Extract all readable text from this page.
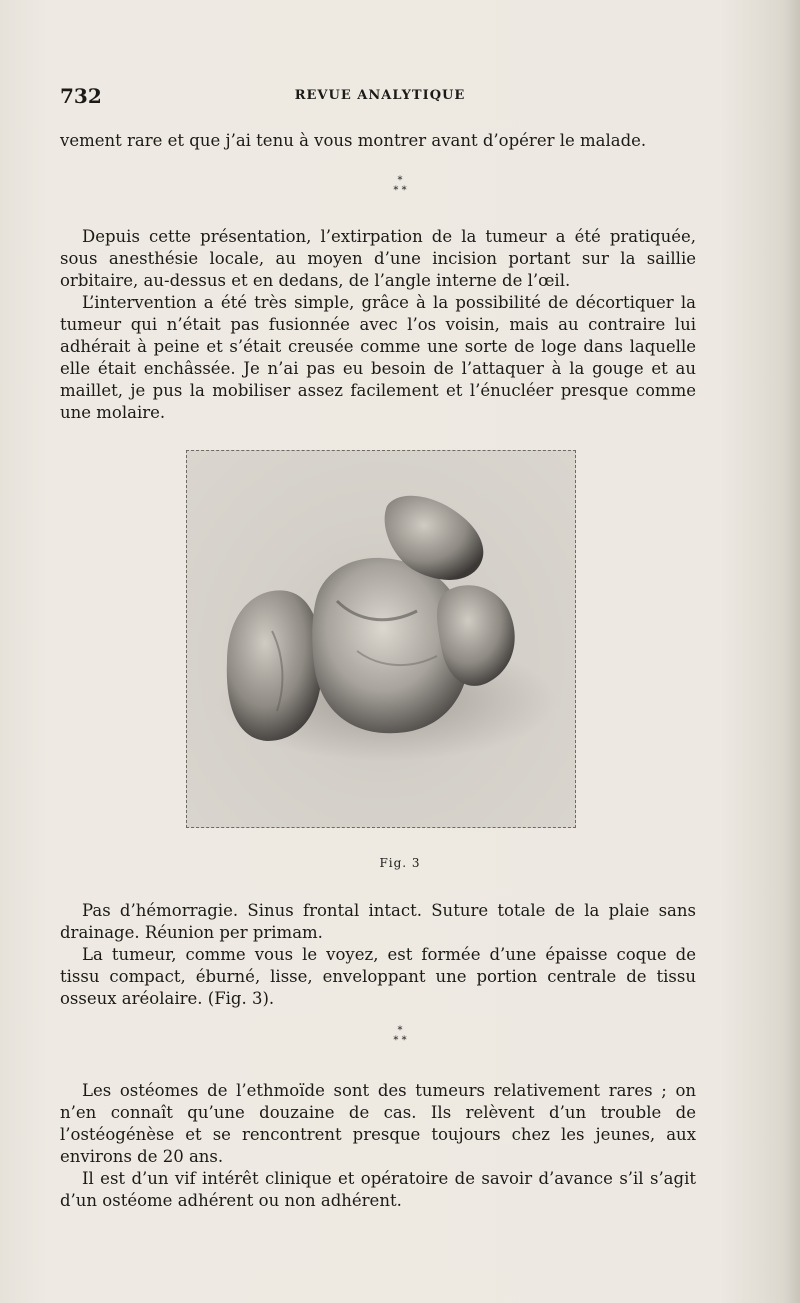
732	REVUE ANALYTIQUE

vement rare et que j’ai tenu à vous montrer avant d’opérer le malade.

*
* *

Depuis cette présentation, l’extirpation de la tumeur a été pratiquée, sous anesthésie locale, au moyen d’une incision portant sur la saillie orbitaire, au-dessus et en dedans, de l’angle interne de l’œil.

L’intervention a été très simple, grâce à la possibilité de décortiquer la tumeur qui n’était pas fusionnée avec l’os voisin, mais au contraire lui adhérait à peine et s’était creusée comme une sorte de loge dans laquelle elle était enchâssée. Je n’ai pas eu besoin de l’attaquer à la gouge et au maillet, je pus la mobiliser assez facilement et l’énucléer presque comme une molaire.

Fig. 3

Pas d’hémorragie. Sinus frontal intact. Suture totale de la plaie sans drainage. Réunion per primam.

La tumeur, comme vous le voyez, est formée d’une épaisse coque de tissu compact, éburné, lisse, enveloppant une portion centrale de tissu osseux aréolaire. (Fig. 3).

*
* *

Les ostéomes de l’ethmoïde sont des tumeurs relativement rares ; on n’en connaît qu’une douzaine de cas. Ils relèvent d’un trouble de l’ostéogénèse et se rencontrent presque toujours chez les jeunes, aux environs de 20 ans.

Il est d’un vif intérêt clinique et opératoire de savoir d’avance s’il s’agit d’un ostéome adhérent ou non adhérent.
